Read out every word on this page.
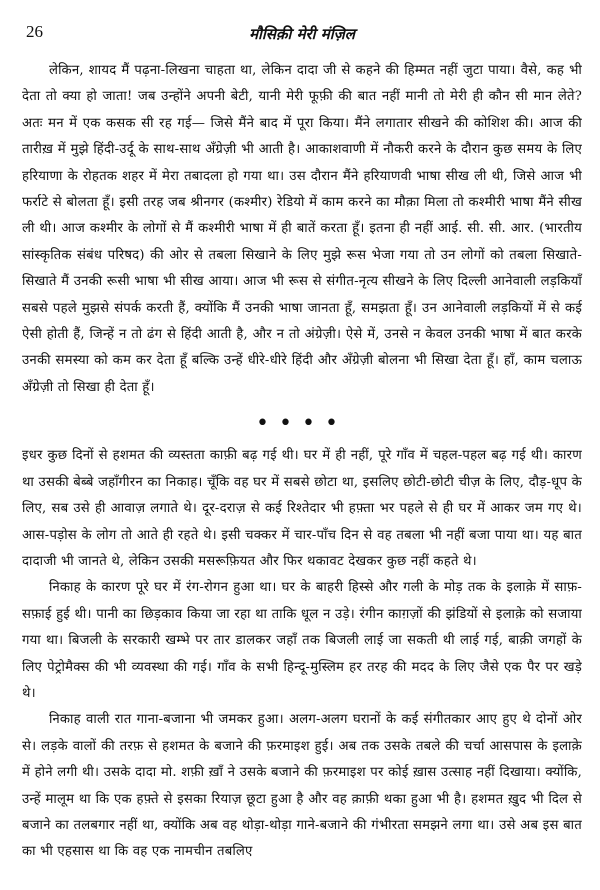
26	मौसिक़ी मेरी मंज़िल

लेकिन, शायद मैं पढ़ना-लिखना चाहता था, लेकिन दादा जी से कहने की हिम्मत नहीं जुटा पाया। वैसे, कह भी देता तो क्या हो जाता! जब उन्होंने अपनी बेटी, यानी मेरी फूफ़ी की बात नहीं मानी तो मेरी ही कौन सी मान लेते? अतः मन में एक कसक सी रह गई— जिसे मैंने बाद में पूरा किया। मैंने लगातार सीखने की कोशिश की। आज की तारीख़ में मुझे हिंदी-उर्दू के साथ-साथ अँग्रेज़ी भी आती है। आकाशवाणी में नौकरी करने के दौरान कुछ समय के लिए हरियाणा के रोहतक शहर में मेरा तबादला हो गया था। उस दौरान मैंने हरियाणवी भाषा सीख ली थी, जिसे आज भी फर्राटे से बोलता हूँ। इसी तरह जब श्रीनगर (कश्मीर) रेडियो में काम करने का मौक़ा मिला तो कश्मीरी भाषा मैंने सीख ली थी। आज कश्मीर के लोगों से मैं कश्मीरी भाषा में ही बातें करता हूँ। इतना ही नहीं आई. सी. सी. आर. (भारतीय सांस्कृतिक संबंध परिषद) की ओर से तबला सिखाने के लिए मुझे रूस भेजा गया तो उन लोगों को तबला सिखाते-सिखाते मैं उनकी रूसी भाषा भी सीख आया। आज भी रूस से संगीत-नृत्य सीखने के लिए दिल्ली आनेवाली लड़कियाँ सबसे पहले मुझसे संपर्क करती हैं, क्योंकि मैं उनकी भाषा जानता हूँ, समझता हूँ। उन आनेवाली लड़कियों में से कई ऐसी होती हैं, जिन्हें न तो ढंग से हिंदी आती है, और न तो अंग्रेज़ी। ऐसे में, उनसे न केवल उनकी भाषा में बात करके उनकी समस्या को कम कर देता हूँ बल्कि उन्हें धीरे-धीरे हिंदी और अँग्रेज़ी बोलना भी सिखा देता हूँ। हाँ, काम चलाऊ अँग्रेज़ी तो सिखा ही देता हूँ।

••••

इधर कुछ दिनों से हशमत की व्यस्तता काफ़ी बढ़ गई थी। घर में ही नहीं, पूरे गाँव में चहल-पहल बढ़ गई थी। कारण था उसकी बेब्बे जहाँगीरन का निकाह। चूँकि वह घर में सबसे छोटा था, इसलिए छोटी-छोटी चीज़ के लिए, दौड़-धूप के लिए, सब उसे ही आवाज़ लगाते थे। दूर-दराज़ से कई रिश्तेदार भी हफ़्ता भर पहले से ही घर में आकर जम गए थे। आस-पड़ोस के लोग तो आते ही रहते थे। इसी चक्कर में चार-पाँच दिन से वह तबला भी नहीं बजा पाया था। यह बात दादाजी भी जानते थे, लेकिन उसकी मसरूफ़ियत और फिर थकावट देखकर कुछ नहीं कहते थे।

निकाह के कारण पूरे घर में रंग-रोगन हुआ था। घर के बाहरी हिस्से और गली के मोड़ तक के इलाक़े में साफ़-सफ़ाई हुई थी। पानी का छिड़काव किया जा रहा था ताकि धूल न उड़े। रंगीन काग़ज़ों की झंडियों से इलाक़े को सजाया गया था। बिजली के सरकारी खम्भे पर तार डालकर जहाँ तक बिजली लाई जा सकती थी लाई गई, बाक़ी जगहों के लिए पेट्रोमैक्स की भी व्यवस्था की गई। गाँव के सभी हिन्दू-मुस्लिम हर तरह की मदद के लिए जैसे एक पैर पर खड़े थे।

निकाह वाली रात गाना-बजाना भी जमकर हुआ। अलग-अलग घरानों के कई संगीतकार आए हुए थे दोनों ओर से। लड़के वालों की तरफ़ से हशमत के बजाने की फ़रमाइश हुई। अब तक उसके तबले की चर्चा आसपास के इलाक़े में होने लगी थी। उसके दादा मो. शफ़ी ख़ाँ ने उसके बजाने की फ़रमाइश पर कोई ख़ास उत्साह नहीं दिखाया। क्योंकि, उन्हें मालूम था कि एक हफ़्ते से इसका रियाज़ छूटा हुआ है और वह क़ाफ़ी थका हुआ भी है। हशमत ख़ुद भी दिल से बजाने का तलबगार नहीं था, क्योंकि अब वह थोड़ा-थोड़ा गाने-बजाने की गंभीरता समझने लगा था। उसे अब इस बात का भी एहसास था कि वह एक नामचीन तबलिए
